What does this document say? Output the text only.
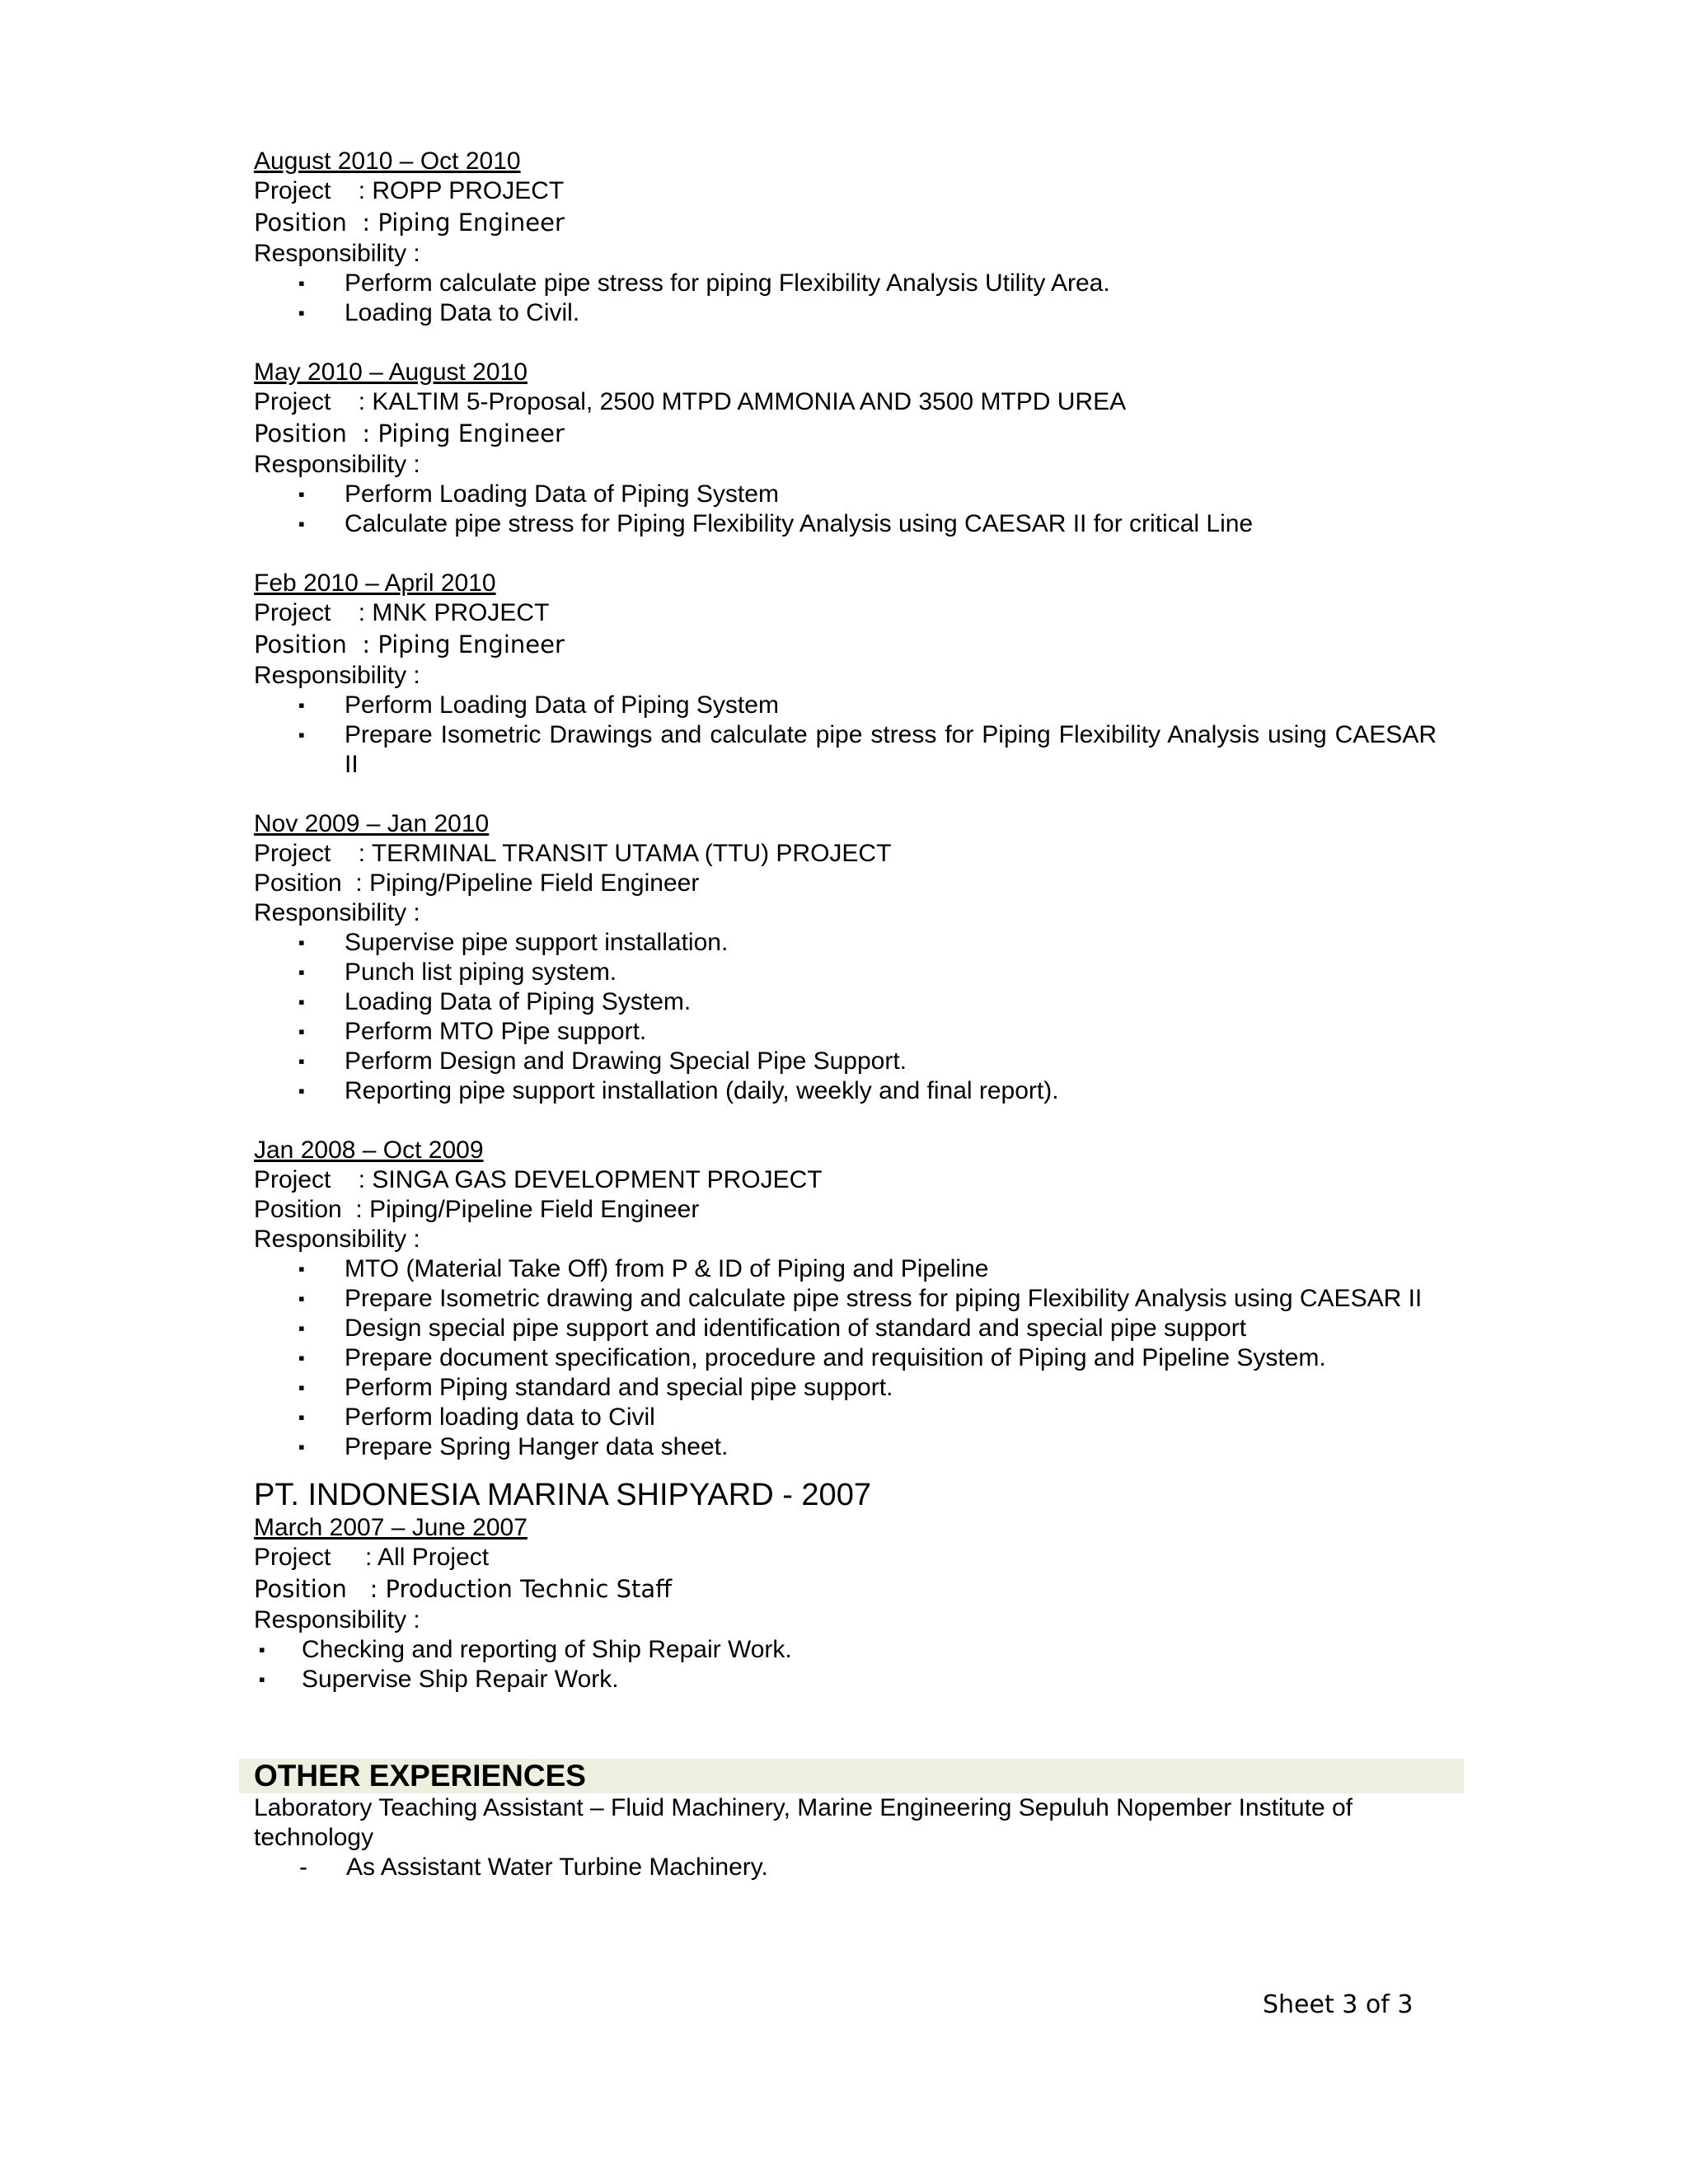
August 2010 – Oct 2010
Project    : ROPP PROJECT
Position  : Piping Engineer
Responsibility :
▪ Perform calculate pipe stress for piping Flexibility Analysis Utility Area.
▪ Loading Data to Civil.
May 2010 – August 2010
Project    : KALTIM 5-Proposal, 2500 MTPD AMMONIA AND 3500 MTPD UREA
Position  : Piping Engineer
Responsibility :
▪ Perform Loading Data of Piping System
▪ Calculate pipe stress for Piping Flexibility Analysis using CAESAR II for critical Line
Feb 2010 – April 2010
Project    : MNK PROJECT
Position  : Piping Engineer
Responsibility :
▪ Perform Loading Data of Piping System
▪ Prepare Isometric Drawings and calculate pipe stress for Piping Flexibility Analysis using CAESAR II
Nov 2009 – Jan 2010
Project    : TERMINAL TRANSIT UTAMA (TTU) PROJECT
Position  : Piping/Pipeline Field Engineer
Responsibility :
▪ Supervise pipe support installation.
▪ Punch list piping system.
▪ Loading Data of Piping System.
▪ Perform MTO Pipe support.
▪ Perform Design and Drawing Special Pipe Support.
▪ Reporting pipe support installation (daily, weekly and final report).
Jan 2008 – Oct 2009
Project    : SINGA GAS DEVELOPMENT PROJECT
Position  : Piping/Pipeline Field Engineer
Responsibility :
▪ MTO (Material Take Off) from P & ID of Piping and Pipeline
▪ Prepare Isometric drawing and calculate pipe stress for piping Flexibility Analysis using CAESAR II
▪ Design special pipe support and identification of standard and special pipe support
▪ Prepare document specification, procedure and requisition of Piping and Pipeline System.
▪ Perform Piping standard and special pipe support.
▪ Perform loading data to Civil
▪ Prepare Spring Hanger data sheet.
PT. INDONESIA MARINA SHIPYARD - 2007
March 2007 – June 2007
Project     : All Project
Position   : Production Technic Staff
Responsibility :
▪ Checking and reporting of Ship Repair Work.
▪ Supervise Ship Repair Work.
OTHER EXPERIENCES
Laboratory Teaching Assistant – Fluid Machinery, Marine Engineering Sepuluh Nopember Institute of technology
- As Assistant Water Turbine Machinery.
Sheet 3 of 3
